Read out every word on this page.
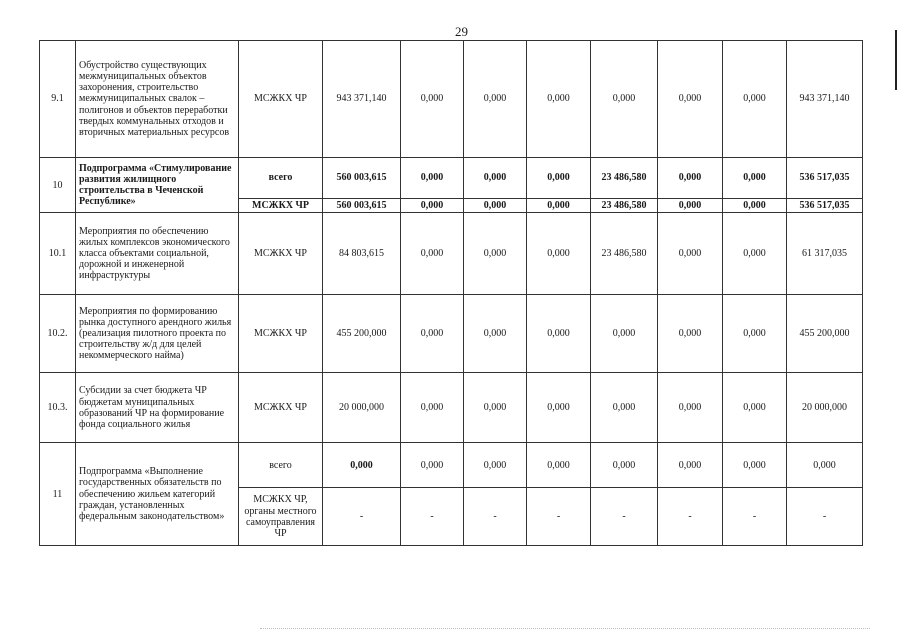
29
9.1	Обустройство существующих межмуниципальных объектов захоронения, строительство межмуниципальных свалок – полигонов и объектов переработки твердых коммунальных отходов и вторичных материальных ресурсов	МСЖКХ ЧР	943 371,140	0,000	0,000	0,000	0,000	0,000	0,000	943 371,140
10	Подпрограмма «Стимулирование развития жилищного строительства в Чеченской Республике»	всего	560 003,615	0,000	0,000	0,000	23 486,580	0,000	0,000	536 517,035
		МСЖКХ ЧР	560 003,615	0,000	0,000	0,000	23 486,580	0,000	0,000	536 517,035
10.1	Мероприятия по обеспечению жилых комплексов экономического класса объектами социальной, дорожной и инженерной инфраструктуры	МСЖКХ ЧР	84 803,615	0,000	0,000	0,000	23 486,580	0,000	0,000	61 317,035
10.2.	Мероприятия по формированию рынка доступного арендного жилья (реализация пилотного проекта по строительству ж/д для целей некоммерческого найма)	МСЖКХ ЧР	455 200,000	0,000	0,000	0,000	0,000	0,000	0,000	455 200,000
10.3.	Субсидии за счет бюджета ЧР бюджетам муниципальных образований ЧР на формирование фонда социального жилья	МСЖКХ ЧР	20 000,000	0,000	0,000	0,000	0,000	0,000	0,000	20 000,000
11	Подпрограмма «Выполнение государственных обязательств по обеспечению жильем категорий граждан, установленных федеральным законодательством»	всего	0,000	0,000	0,000	0,000	0,000	0,000	0,000	0,000
		МСЖКХ ЧР, органы местного самоуправления ЧР	-	-	-	-	-	-	-	-
